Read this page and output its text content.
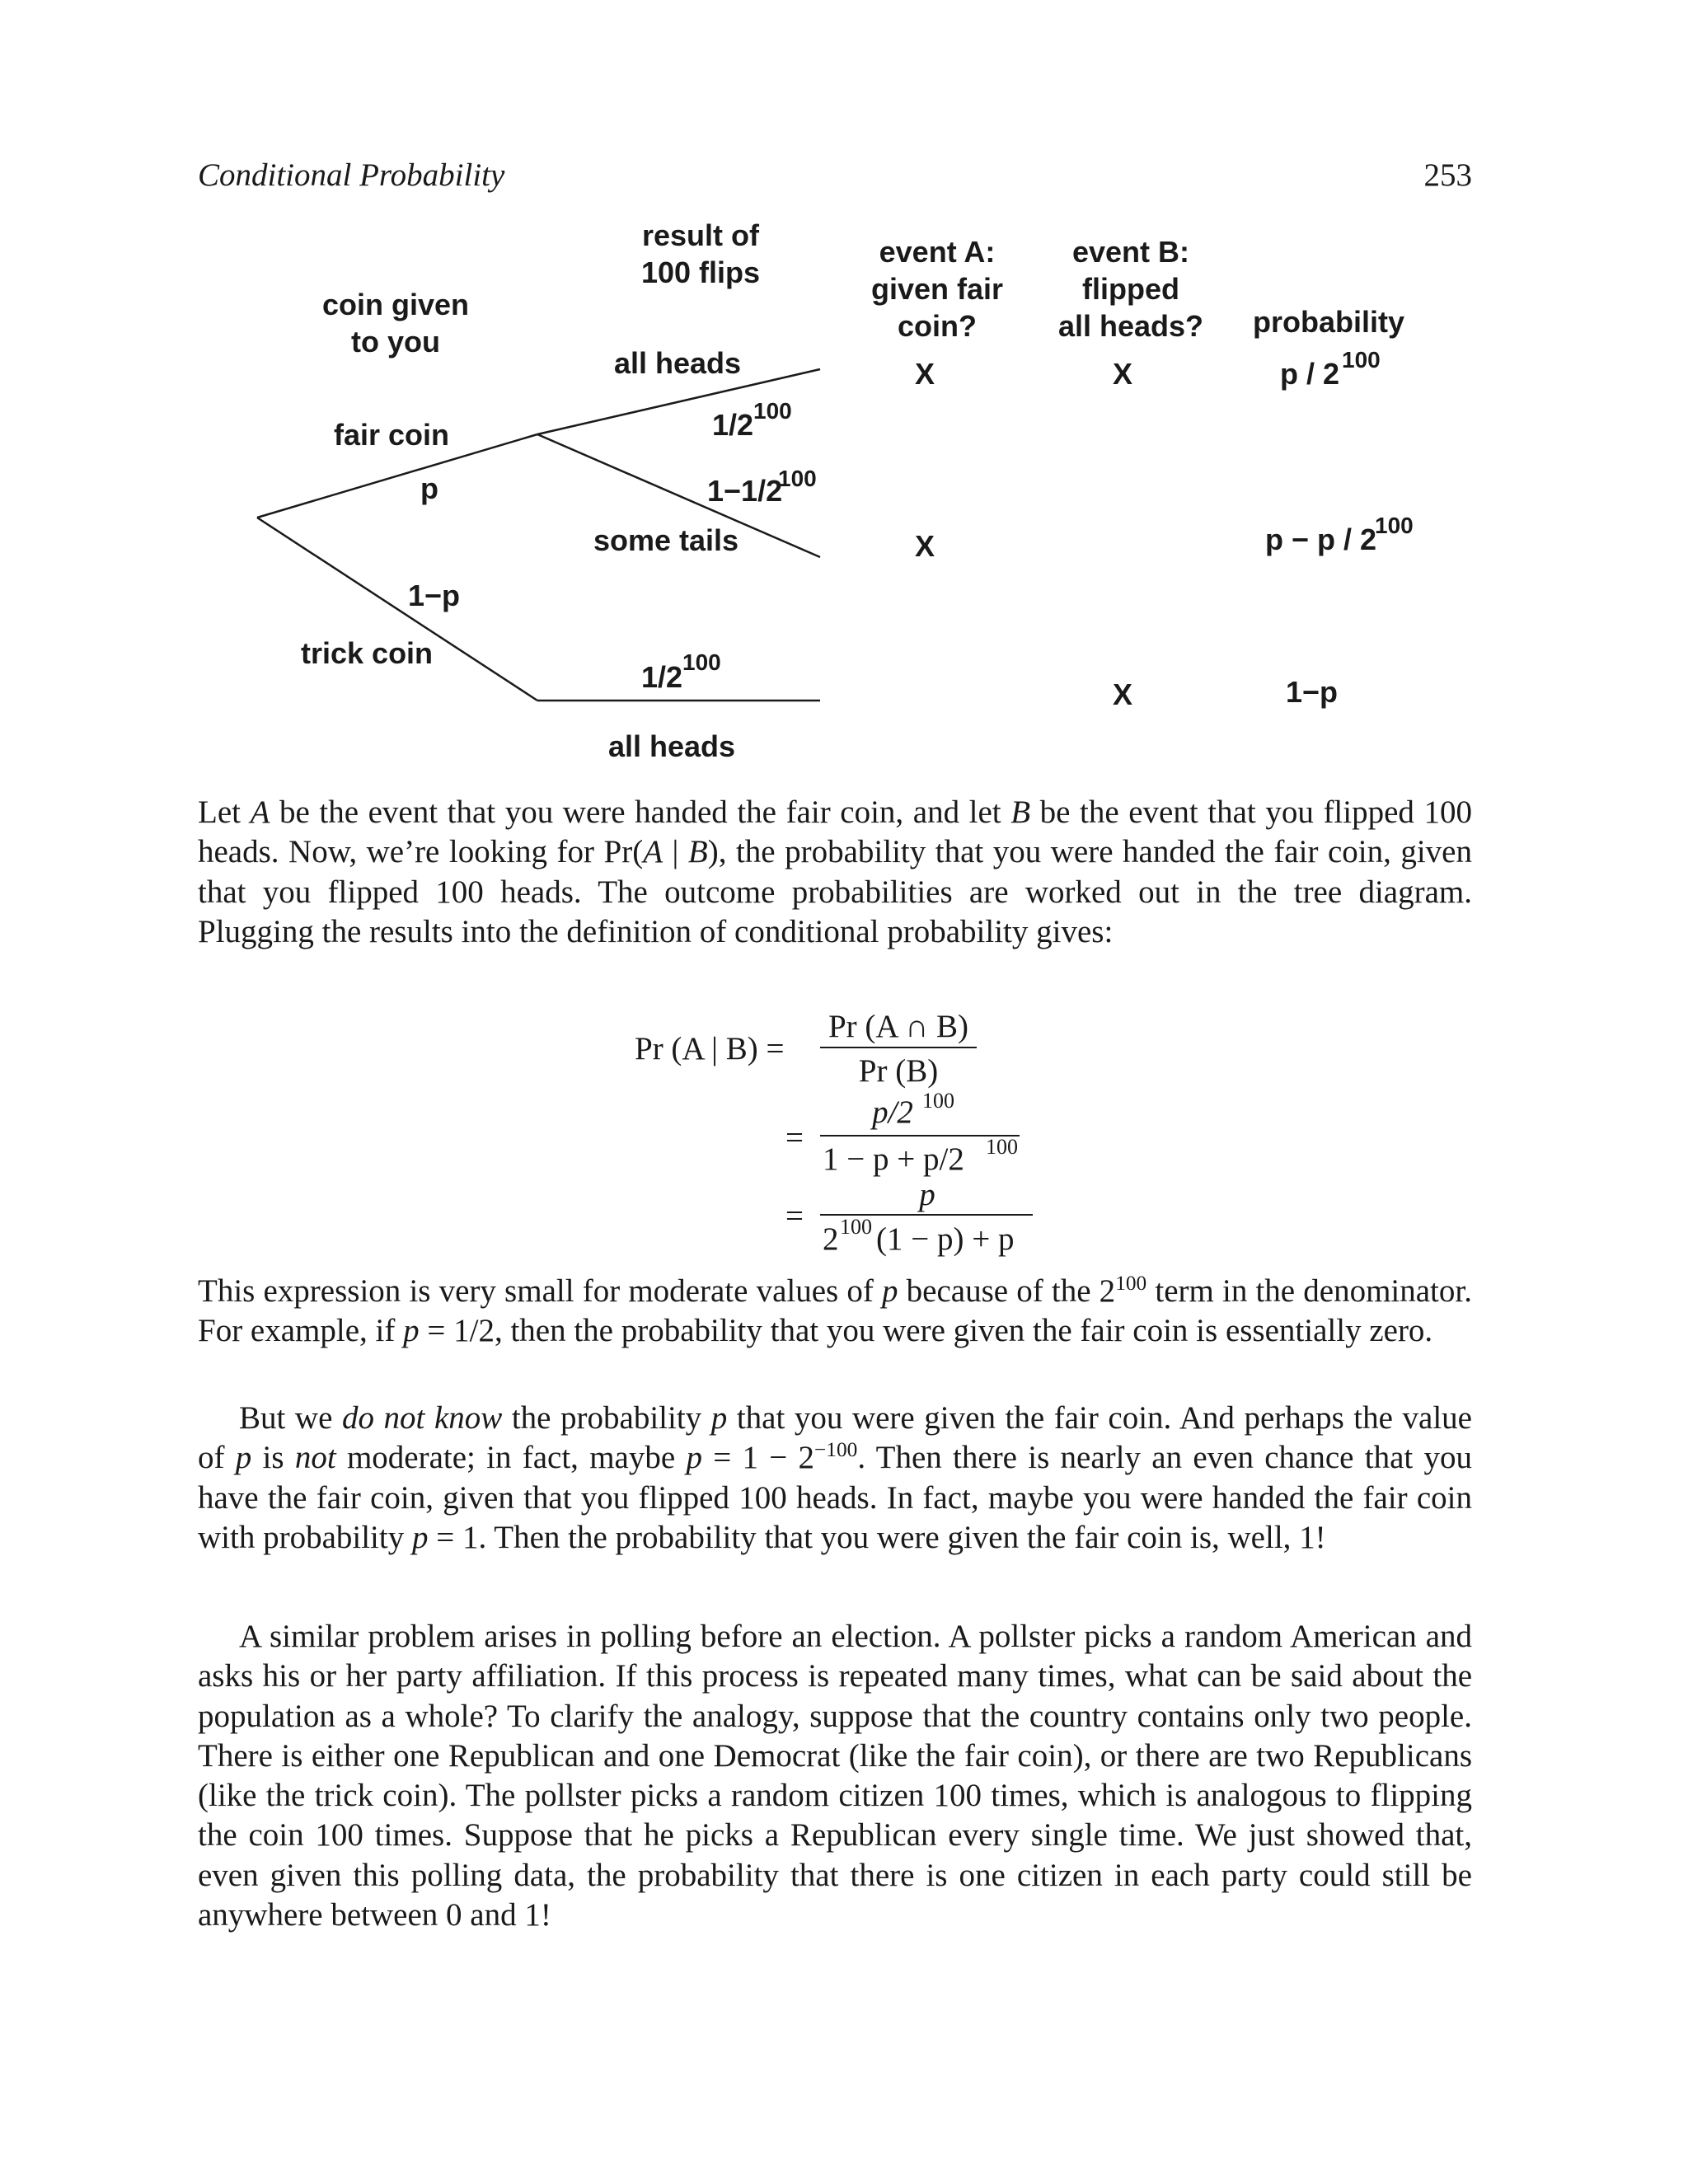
Conditional Probability	253
coin given
to you
result of
100 flips
event A:
given fair
coin?
event B:
flipped
all heads? probability
fair coin
p
1−p
trick coin
all heads
1/2 100
1−1/2
100
some tails
1/2 100
all heads
X	X
X
X
p / 2 100
p − p / 2
100
1−p
Let A be the event that you were handed the fair coin, and let B be the event that you flipped 100 heads. Now, we’re looking for Pr(A | B), the probability that you were handed the fair coin, given that you flipped 100 heads. The outcome probabilities are worked out in the tree diagram. Plugging the results into the definition of conditional probability gives:
Pr (A | B) =
Pr (A ∩ B)
Pr (B)
=
p/2 100
1 − p + p/2 100
=
p
2 100 (1 − p) + p
This expression is very small for moderate values of p because of the $2^{100}$ term in the denominator. For example, if p = 1/2, then the probability that you were given the fair coin is essentially zero.
But we do not know the probability p that you were given the fair coin. And perhaps the value of p is not moderate; in fact, maybe $p = 1 - 2^{-100}$. Then there is nearly an even chance that you have the fair coin, given that you flipped 100 heads. In fact, maybe you were handed the fair coin with probability p = 1. Then the probability that you were given the fair coin is, well, 1!
A similar problem arises in polling before an election. A pollster picks a random American and asks his or her party affiliation. If this process is repeated many times, what can be said about the population as a whole? To clarify the analogy, suppose that the country contains only two people. There is either one Republican and one Democrat (like the fair coin), or there are two Republicans (like the trick coin). The pollster picks a random citizen 100 times, which is analogous to flipping the coin 100 times. Suppose that he picks a Republican every single time. We just showed that, even given this polling data, the probability that there is one citizen in each party could still be anywhere between 0 and 1!
